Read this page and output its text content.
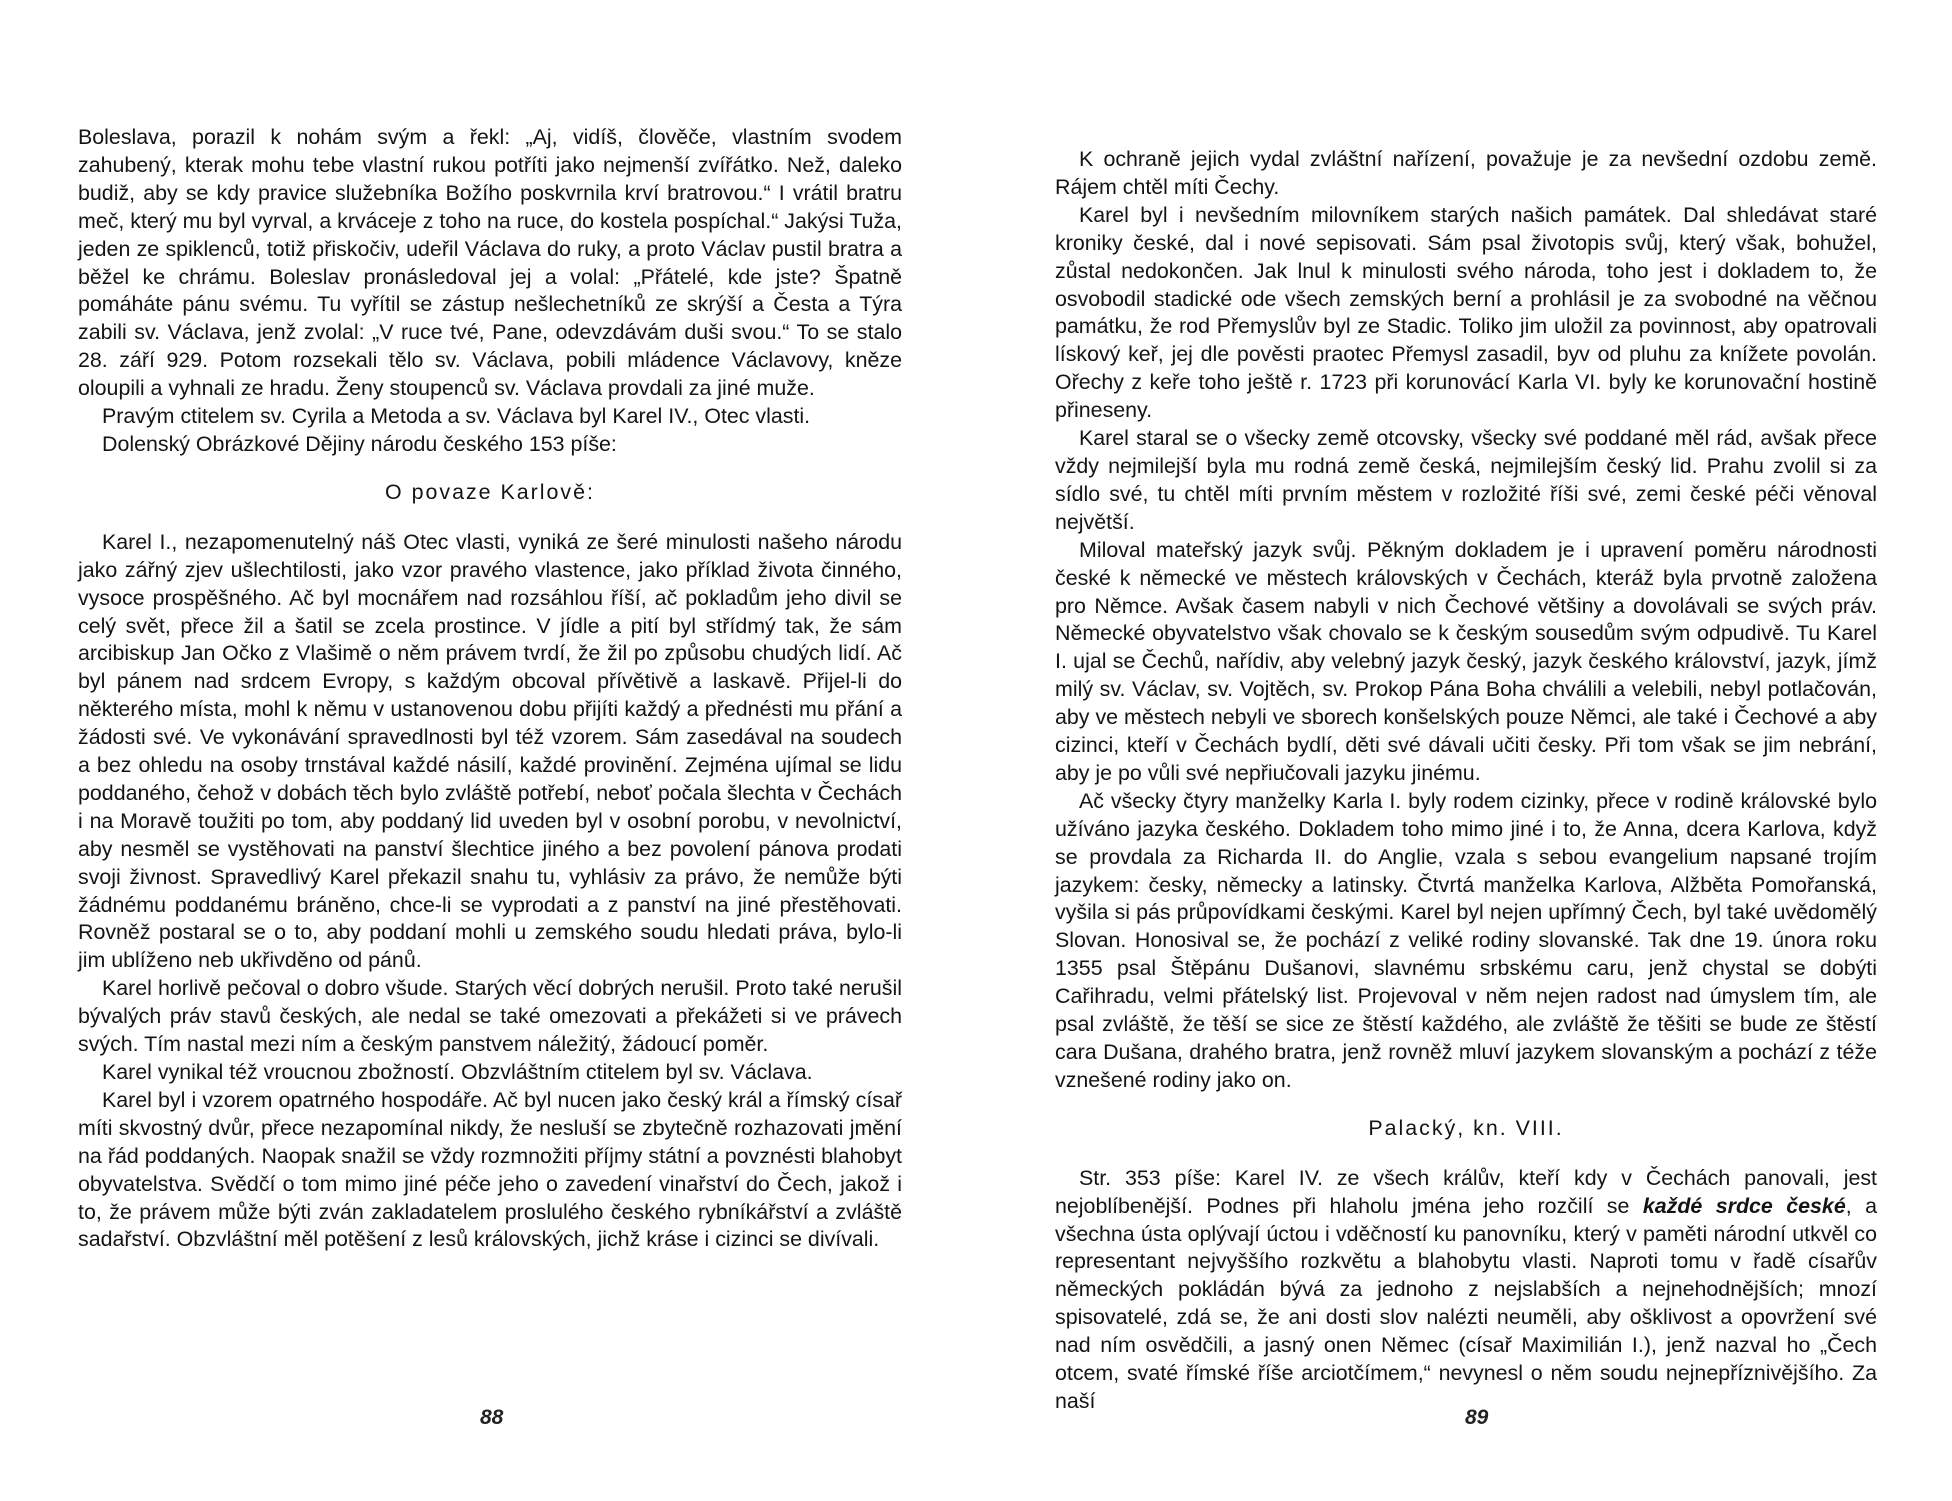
Boleslava, porazil k nohám svým a řekl: „Aj, vidíš, člověče, vlastním svodem zahubený, kterak mohu tebe vlastní rukou potříti jako nejmenší zvířátko. Než, daleko budiž, aby se kdy pravice služebníka Božího poskvrnila krví bratrovou.“ I vrátil bratru meč, který mu byl vyrval, a krváceje z toho na ruce, do kostela pospíchal.“ Jakýsi Tuža, jeden ze spiklenců, totiž přiskočiv, udeřil Václava do ruky, a proto Václav pustil bratra a běžel ke chrámu. Boleslav pronásledoval jej a volal: „Přátelé, kde jste? Špatně pomáháte pánu svému. Tu vyřítil se zástup nešlechetníků ze skrýší a Česta a Týra zabili sv. Václava, jenž zvolal: „V ruce tvé, Pane, odevzdávám duši svou.“ To se stalo 28. září 929. Potom rozsekali tělo sv. Václava, pobili mládence Václavovy, kněze oloupili a vyhnali ze hradu. Ženy stoupenců sv. Václava provdali za jiné muže.

Pravým ctitelem sv. Cyrila a Metoda a sv. Václava byl Karel IV., Otec vlasti.

Dolenský Obrázkové Dějiny národu českého 153 píše:

O povaze Karlově:

Karel I., nezapomenutelný náš Otec vlasti, vyniká ze šeré minulosti našeho národu jako zářný zjev ušlechtilosti, jako vzor pravého vlastence, jako příklad života činného, vysoce prospěšného. Ač byl mocnářem nad rozsáhlou říší, ač pokladům jeho divil se celý svět, přece žil a šatil se zcela prostince. V jídle a pití byl střídmý tak, že sám arcibiskup Jan Očko z Vlašimě o něm právem tvrdí, že žil po způsobu chudých lidí. Ač byl pánem nad srdcem Evropy, s každým obcoval přívětivě a laskavě. Přijel-li do některého místa, mohl k němu v ustanovenou dobu přijíti každý a přednésti mu přání a žádosti své. Ve vykonávání spravedlnosti byl též vzorem. Sám zasedával na soudech a bez ohledu na osoby trnstával každé násilí, každé provinění. Zejména ujímal se lidu poddaného, čehož v dobách těch bylo zvláště potřebí, neboť počala šlechta v Čechách i na Moravě toužiti po tom, aby poddaný lid uveden byl v osobní porobu, v nevolnictví, aby nesměl se vystěhovati na panství šlechtice jiného a bez povolení pánova prodati svoji živnost. Spravedlivý Karel překazil snahu tu, vyhlásiv za právo, že nemůže býti žádnému poddanému bráněno, chce-li se vyprodati a z panství na jiné přestěhovati. Rovněž postaral se o to, aby poddaní mohli u zemského soudu hledati práva, bylo-li jim ublíženo neb ukřivděno od pánů.

Karel horlivě pečoval o dobro všude. Starých věcí dobrých nerušil. Proto také nerušil bývalých práv stavů českých, ale nedal se také omezovati a překážeti si ve právech svých. Tím nastal mezi ním a českým panstvem náležitý, žádoucí poměr.

Karel vynikal též vroucnou zbožností. Obzvláštním ctitelem byl sv. Václava.

Karel byl i vzorem opatrného hospodáře. Ač byl nucen jako český král a římský císař míti skvostný dvůr, přece nezapomínal nikdy, že nesluší se zbytečně rozhazovati jmění na řád poddaných. Naopak snažil se vždy rozmnožiti příjmy státní a povznésti blahobyt obyvatelstva. Svědčí o tom mimo jiné péče jeho o zavedení vinařství do Čech, jakož i to, že právem může býti zván zakladatelem proslulého českého rybníkářství a zvláště sadařství. Obzvláštní měl potěšení z lesů královských, jichž kráse i cizinci se divívali.

88

K ochraně jejich vydal zvláštní nařízení, považuje je za nevšední ozdobu země. Rájem chtěl míti Čechy.

Karel byl i nevšedním milovníkem starých našich památek. Dal shledávat staré kroniky české, dal i nové sepisovati. Sám psal životopis svůj, který však, bohužel, zůstal nedokončen. Jak lnul k minulosti svého národa, toho jest i dokladem to, že osvobodil stadické ode všech zemských berní a prohlásil je za svobodné na věčnou památku, že rod Přemyslův byl ze Stadic. Toliko jim uložil za povinnost, aby opatrovali lískový keř, jej dle pověsti praotec Přemysl zasadil, byv od pluhu za knížete povolán. Ořechy z keře toho ještě r. 1723 při korunovácí Karla VI. byly ke korunovační hostině přineseny.

Karel staral se o všecky země otcovsky, všecky své poddané měl rád, avšak přece vždy nejmilejší byla mu rodná země česká, nejmilejším český lid. Prahu zvolil si za sídlo své, tu chtěl míti prvním městem v rozložité říši své, zemi české péči věnoval největší.

Miloval mateřský jazyk svůj. Pěkným dokladem je i upravení poměru národnosti české k německé ve městech královských v Čechách, kteráž byla prvotně založena pro Němce. Avšak časem nabyli v nich Čechové většiny a dovolávali se svých práv. Německé obyvatelstvo však chovalo se k českým sousedům svým odpudivě. Tu Karel I. ujal se Čechů, nařídiv, aby velebný jazyk český, jazyk českého království, jazyk, jímž milý sv. Václav, sv. Vojtěch, sv. Prokop Pána Boha chválili a velebili, nebyl potlačován, aby ve městech nebyli ve sborech konšelských pouze Němci, ale také i Čechové a aby cizinci, kteří v Čechách bydlí, děti své dávali učiti česky. Při tom však se jim nebrání, aby je po vůli své nepřiučovali jazyku jinému.

Ač všecky čtyry manželky Karla I. byly rodem cizinky, přece v rodině královské bylo užíváno jazyka českého. Dokladem toho mimo jiné i to, že Anna, dcera Karlova, když se provdala za Richarda II. do Anglie, vzala s sebou evangelium napsané trojím jazykem: česky, německy a latinsky. Čtvrtá manželka Karlova, Alžběta Pomořanská, vyšila si pás průpovídkami českými. Karel byl nejen upřímný Čech, byl také uvědomělý Slovan. Honosival se, že pochází z veliké rodiny slovanské. Tak dne 19. února roku 1355 psal Štěpánu Dušanovi, slavnému srbskému caru, jenž chystal se dobýti Cařihradu, velmi přátelský list. Projevoval v něm nejen radost nad úmyslem tím, ale psal zvláště, že těší se sice ze štěstí každého, ale zvláště že těšiti se bude ze štěstí cara Dušana, drahého bratra, jenž rovněž mluví jazykem slovanským a pochází z téže vznešené rodiny jako on.

Palacký, kn. VIII.

Str. 353 píše: Karel IV. ze všech králův, kteří kdy v Čechách panovali, jest nejoblíbenější. Podnes při hlaholu jména jeho rozčilí se každé srdce české, a všechna ústa oplývají úctou i vděčností ku panovníku, který v paměti národní utkvěl co representant nejvyššího rozkvětu a blahobytu vlasti. Naproti tomu v řadě císařův německých pokládán bývá za jednoho z nejslabších a nejnehodnějších; mnozí spisovatelé, zdá se, že ani dosti slov nalézti neuměli, aby ošklivost a opovržení své nad ním osvědčili, a jasný onen Němec (císař Maximilián I.), jenž nazval ho „Čech otcem, svaté římské říše arciotčímem,“ nevynesl o něm soudu nejnepříznivějšího. Za naší

89
